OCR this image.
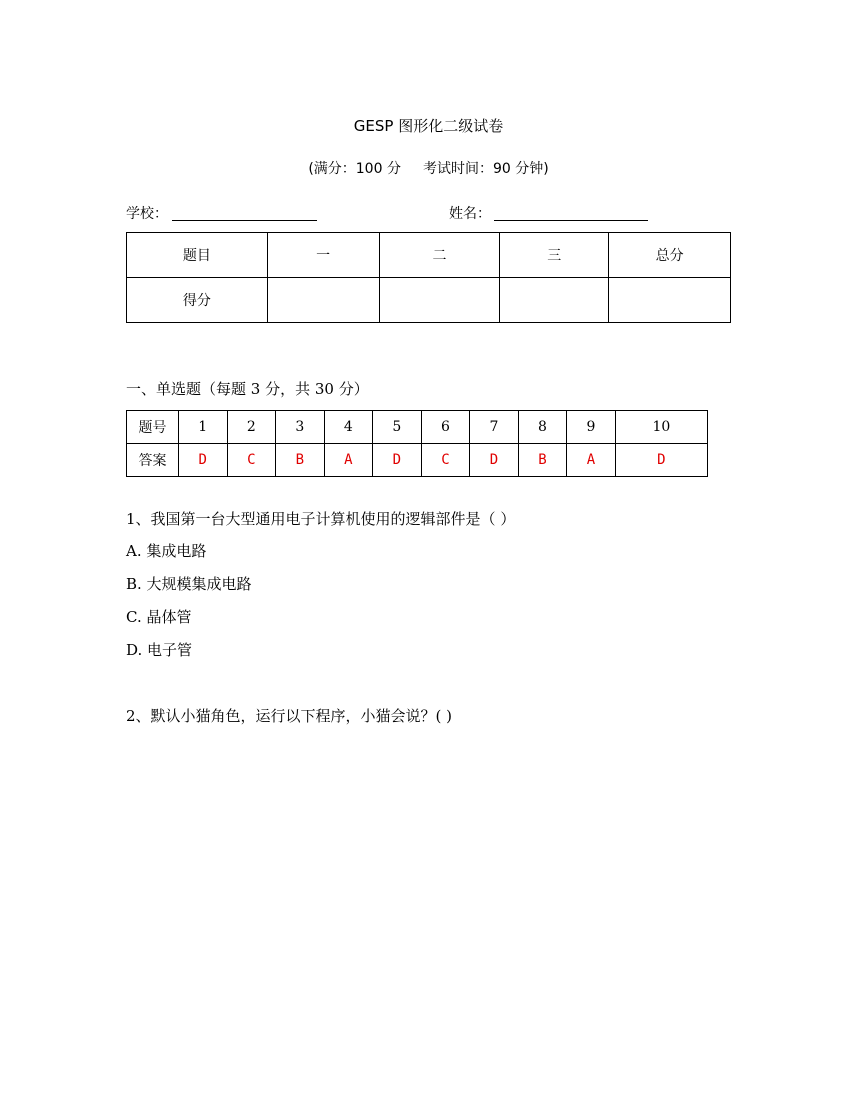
GESP 图形化二级试卷
(满分：100 分 考试时间：90 分钟)
学校：	姓名：
题目	一	二	三	总分
得分				
一、单选题（每题 3 分，共 30 分）
题号	1	2	3	4	5	6	7	8	9	10
答案	D	C	B	A	D	C	D	B	A	D
1、我国第一台大型通用电子计算机使用的逻辑部件是（ ）
A. 集成电路
B. 大规模集成电路
C. 晶体管
D. 电子管
2、默认小猫角色，运行以下程序，小猫会说？( )
